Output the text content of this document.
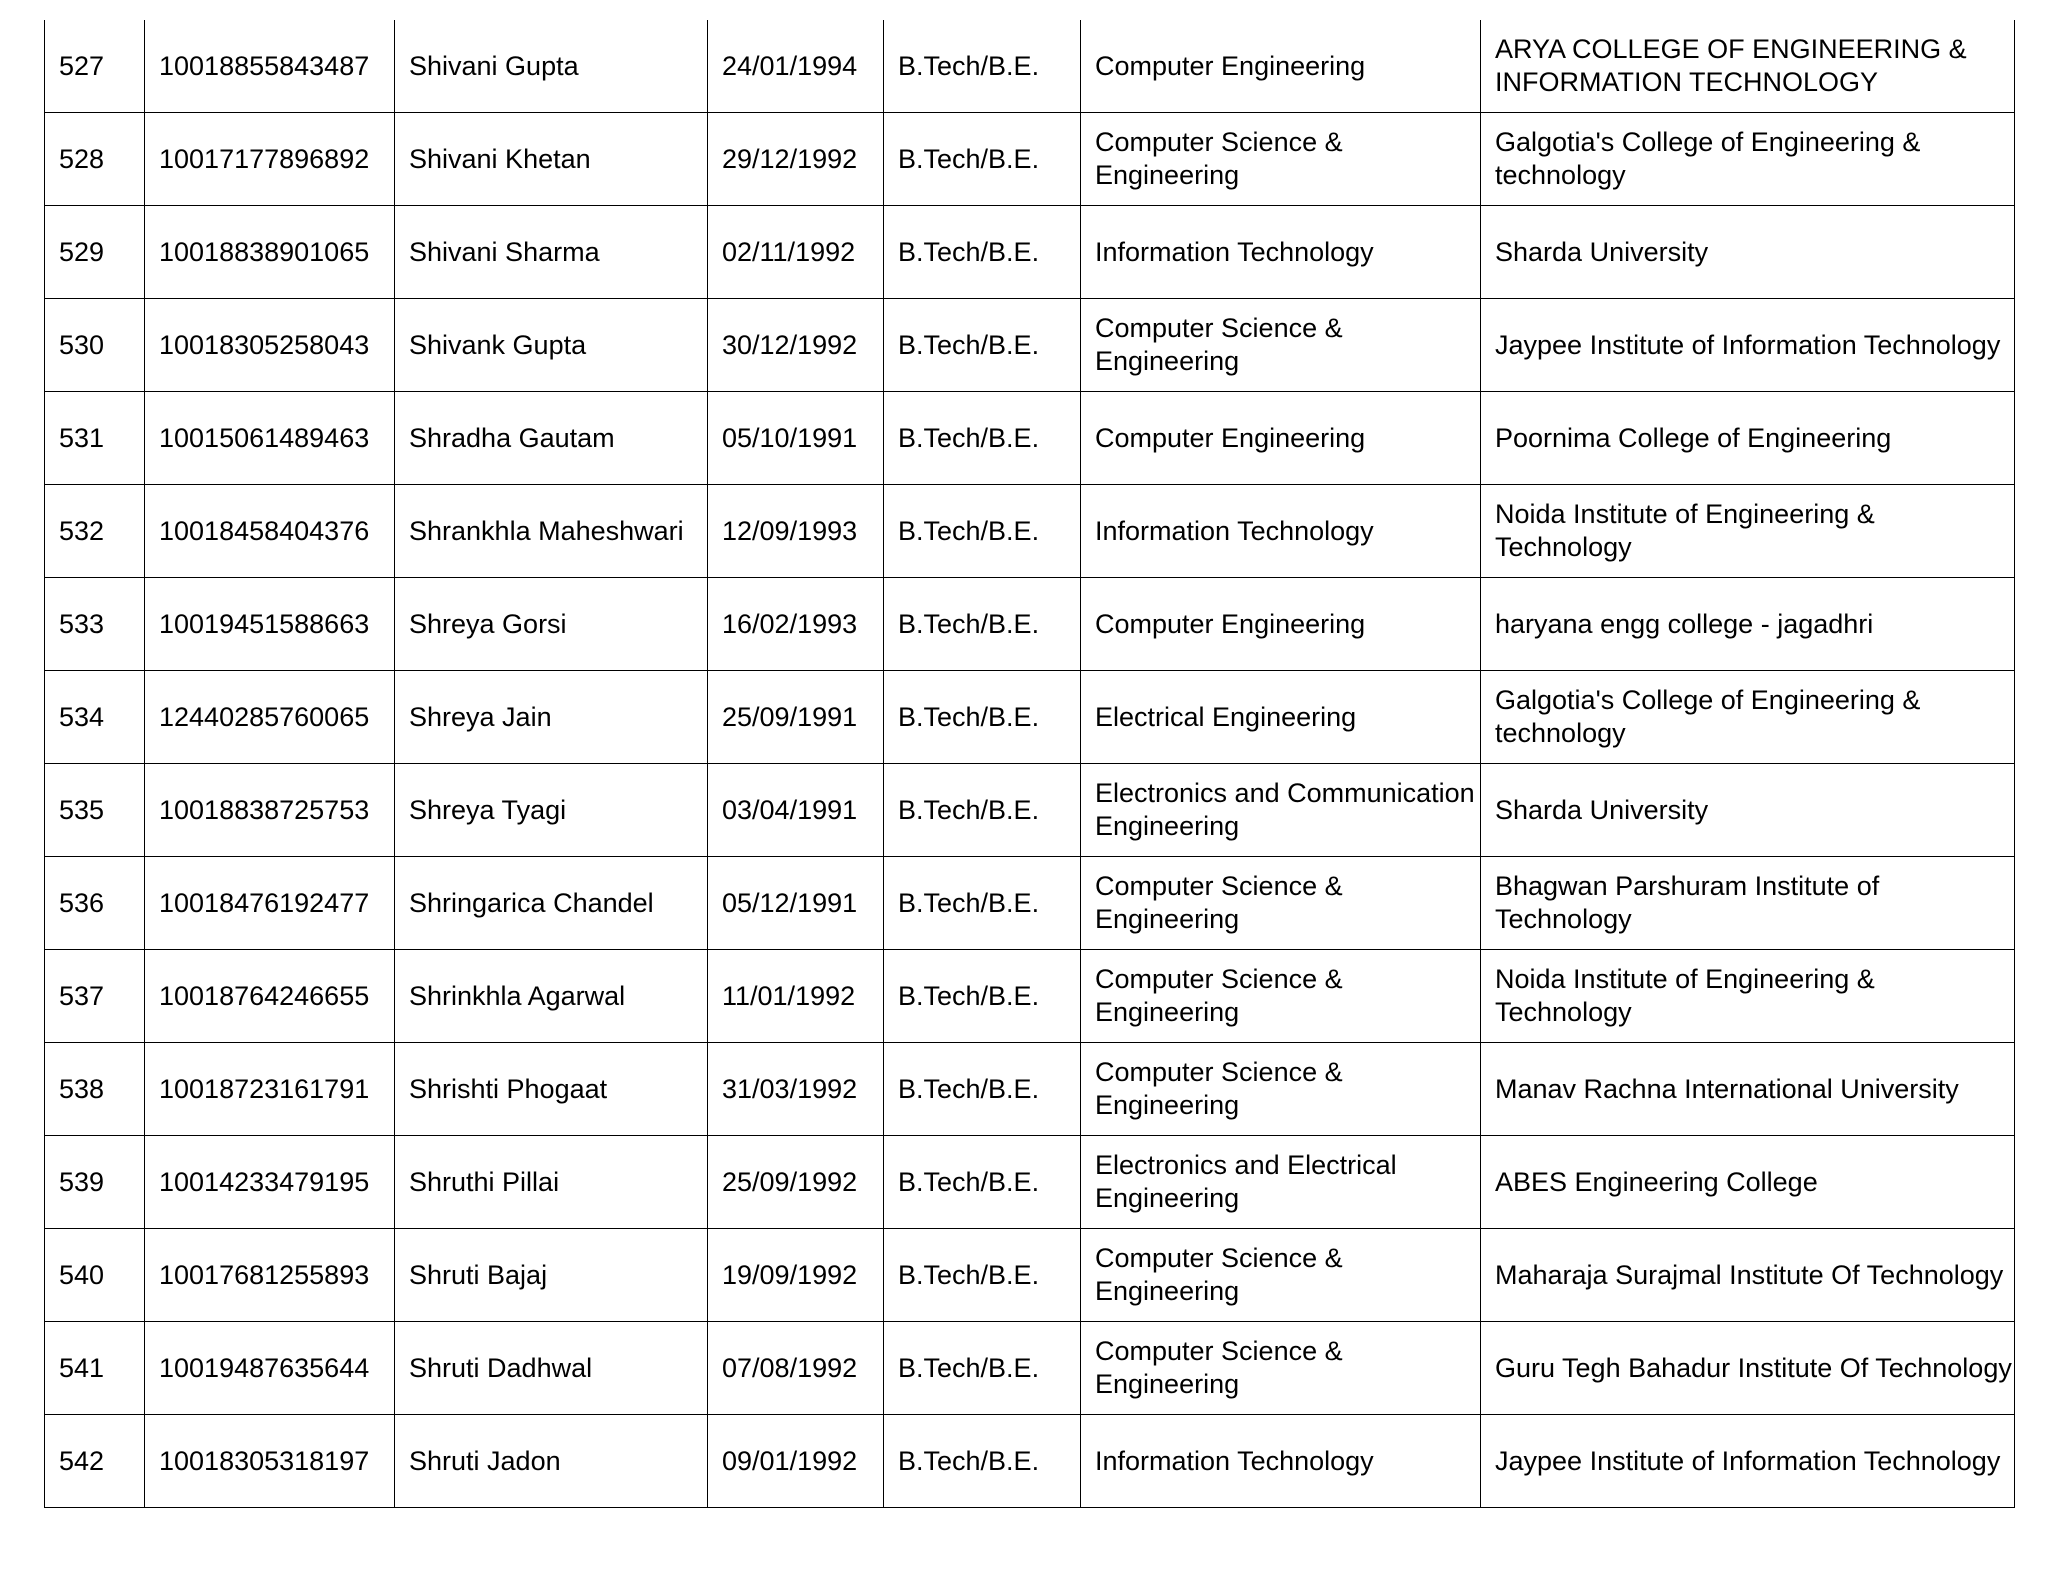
527	10018855843487	Shivani Gupta	24/01/1994	B.Tech/B.E.	Computer Engineering	ARYA COLLEGE OF ENGINEERING & INFORMATION TECHNOLOGY

528	10017177896892	Shivani Khetan	29/12/1992	B.Tech/B.E.	Computer Science & Engineering	Galgotia's College of Engineering & technology

529	10018838901065	Shivani Sharma	02/11/1992	B.Tech/B.E.	Information Technology	Sharda University

530	10018305258043	Shivank Gupta	30/12/1992	B.Tech/B.E.	Computer Science & Engineering	Jaypee Institute of Information Technology

531	10015061489463	Shradha Gautam	05/10/1991	B.Tech/B.E.	Computer Engineering	Poornima College of Engineering

532	10018458404376	Shrankhla Maheshwari	12/09/1993	B.Tech/B.E.	Information Technology	Noida Institute of Engineering & Technology

533	10019451588663	Shreya Gorsi	16/02/1993	B.Tech/B.E.	Computer Engineering	haryana engg college - jagadhri

534	12440285760065	Shreya Jain	25/09/1991	B.Tech/B.E.	Electrical Engineering	Galgotia's College of Engineering & technology

535	10018838725753	Shreya Tyagi	03/04/1991	B.Tech/B.E.	Electronics and Communication Engineering	Sharda University

536	10018476192477	Shringarica Chandel	05/12/1991	B.Tech/B.E.	Computer Science & Engineering	Bhagwan Parshuram Institute of Technology

537	10018764246655	Shrinkhla Agarwal	11/01/1992	B.Tech/B.E.	Computer Science & Engineering	Noida Institute of Engineering & Technology

538	10018723161791	Shrishti Phogaat	31/03/1992	B.Tech/B.E.	Computer Science & Engineering	Manav Rachna International University

539	10014233479195	Shruthi Pillai	25/09/1992	B.Tech/B.E.	Electronics and Electrical Engineering	ABES Engineering College

540	10017681255893	Shruti Bajaj	19/09/1992	B.Tech/B.E.	Computer Science & Engineering	Maharaja Surajmal Institute Of Technology

541	10019487635644	Shruti Dadhwal	07/08/1992	B.Tech/B.E.	Computer Science & Engineering	Guru Tegh Bahadur Institute Of Technology

542	10018305318197	Shruti Jadon	09/01/1992	B.Tech/B.E.	Information Technology	Jaypee Institute of Information Technology
